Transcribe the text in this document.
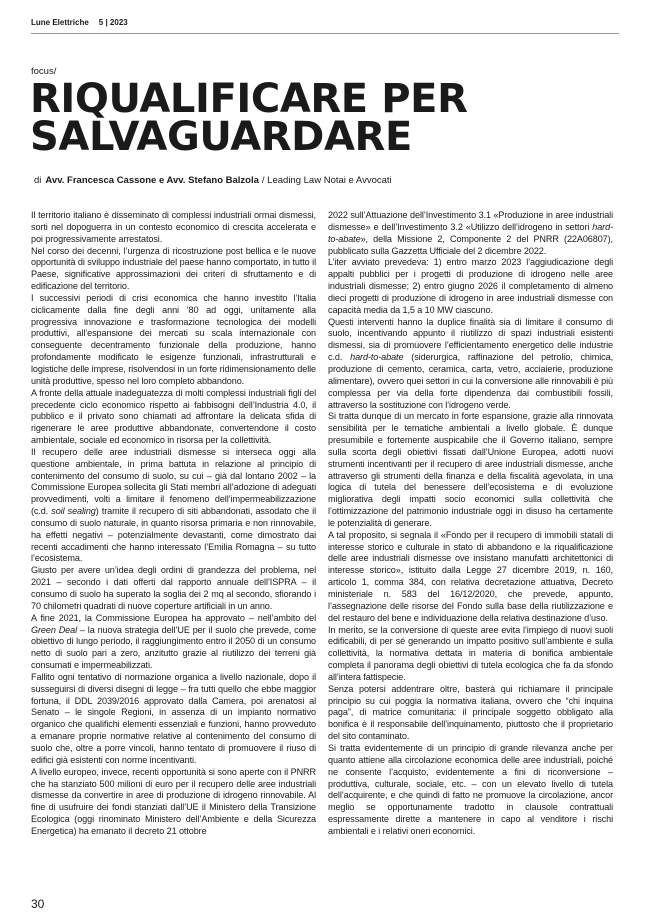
Lune Elettriche 5 | 2023
focus/
RIQUALIFICARE PER
SALVAGUARDARE
di Avv. Francesca Cassone e Avv. Stefano Balzola / Leading Law Notai e Avvocati

Il territorio italiano è disseminato di complessi industriali ormai dismessi, sorti nel dopoguerra in un contesto economico di crescita accelerata e poi progressivamente arrestatosi.

Nel corso dei decenni, l’urgenza di ricostruzione post bellica e le nuove opportunità di sviluppo industriale del paese hanno comportato, in tutto il Paese, significative approssimazioni dei criteri di sfruttamento e di edificazione del territorio.

I successivi periodi di crisi economica che hanno investito l’Italia ciclicamente dalla fine degli anni ’80 ad oggi, unitamente alla progressiva innovazione e trasformazione tecnologica dei modelli produttivi, all’espansione dei mercati su scala internazionale con conseguente decentramento funzionale della produzione, hanno profondamente modificato le esigenze funzionali, infrastrutturali e logistiche delle imprese, risolvendosi in un forte ridimensionamento delle unità produttive, spesso nel loro completo abbandono.

A fronte della attuale inadeguatezza di molti complessi industriali figli del precedente ciclo economico rispetto ai fabbisogni dell’Industria 4.0, il pubblico e il privato sono chiamati ad affrontare la delicata sfida di rigenerare le aree produttive abbandonate, convertendone il costo ambientale, sociale ed economico in risorsa per la collettività.

Il recupero delle aree industriali dismesse si interseca oggi alla questione ambientale, in prima battuta in relazione al principio di contenimento del consumo di suolo, su cui – già dal lontano 2002 – la Commissione Europea sollecita gli Stati membri all’adozione di adeguati provvedimenti, volti a limitare il fenomeno dell’impermeabilizzazione (c.d. soil sealing) tramite il recupero di siti abbandonati, assodato che il consumo di suolo naturale, in quanto risorsa primaria e non rinnovabile, ha effetti negativi – potenzialmente devastanti, come dimostrato dai recenti accadimenti che hanno interessato l’Emilia Romagna – su tutto l’ecosistema.

Giusto per avere un’idea degli ordini di grandezza del problema, nel 2021 – secondo i dati offerti dal rapporto annuale dell’ISPRA – il consumo di suolo ha superato la soglia dei 2 mq al secondo, sfiorando i 70 chilometri quadrati di nuove coperture artificiali in un anno.

A fine 2021, la Commissione Europea ha approvato – nell’ambito del Green Deal – la nuova strategia dell’UE per il suolo che prevede, come obiettivo di lungo periodo, il raggiungimento entro il 2050 di un consumo netto di suolo pari a zero, anzitutto grazie al riutilizzo dei terreni già consumati e impermeabilizzati.

Fallito ogni tentativo di normazione organica a livello nazionale, dopo il susseguirsi di diversi disegni di legge – fra tutti quello che ebbe maggior fortuna, il DDL 2039/2016 approvato dalla Camera, poi arenatosi al Senato – le singole Regioni, in assenza di un impianto normativo organico che qualifichi elementi essenziali e funzioni, hanno provveduto a emanare proprie normative relative al contenimento del consumo di suolo che, oltre a porre vincoli, hanno tentato di promuovere il riuso di edifici già esistenti con norme incentivanti.

A livello europeo, invece, recenti opportunità si sono aperte con il PNRR che ha stanziato 500 milioni di euro per il recupero delle aree industriali dismesse da convertire in aree di produzione di idrogeno rinnovabile. Al fine di usufruire dei fondi stanziati dall’UE il Ministero della Transizione Ecologica (oggi rinominato Ministero dell’Ambiente e della Sicurezza Energetica) ha emanato il decreto 21 ottobre

2022 sull’Attuazione dell’Investimento 3.1 «Produzione in aree industriali dismesse» e dell’Investimento 3.2 «Utilizzo dell’idrogeno in settori hard-to-abate», della Missione 2, Componente 2 del PNRR (22A06807), pubblicato sulla Gazzetta Ufficiale del 2 dicembre 2022.

L’iter avviato prevedeva: 1) entro marzo 2023 l’aggiudicazione degli appalti pubblici per i progetti di produzione di idrogeno nelle aree industriali dismesse; 2) entro giugno 2026 il completamento di almeno dieci progetti di produzione di idrogeno in aree industriali dismesse con capacità media da 1,5 a 10 MW ciascuno.

Questi interventi hanno la duplice finalità sia di limitare il consumo di suolo, incentivando appunto il riutilizzo di spazi industriali esistenti dismessi, sia di promuovere l’efficientamento energetico delle industrie c.d. hard-to-abate (siderurgica, raffinazione del petrolio, chimica, produzione di cemento, ceramica, carta, vetro, acciaierie, produzione alimentare), ovvero quei settori in cui la conversione alle rinnovabili è più complessa per via della forte dipendenza dai combustibili fossili, attraverso la sostituzione con l’idrogeno verde.

Si tratta dunque di un mercato in forte espansione, grazie alla rinnovata sensibilità per le tematiche ambientali a livello globale. È dunque presumibile e fortemente auspicabile che il Governo italiano, sempre sulla scorta degli obiettivi fissati dall’Unione Europea, adotti nuovi strumenti incentivanti per il recupero di aree industriali dismesse, anche attraverso gli strumenti della finanza e della fiscalità agevolata, in una logica di tutela del benessere dell’ecosistema e di evoluzione migliorativa degli impatti socio economici sulla collettività che l’ottimizzazione del patrimonio industriale oggi in disuso ha certamente le potenzialità di generare.

A tal proposito, si segnala il «Fondo per il recupero di immobili statali di interesse storico e culturale in stato di abbandono e la riqualificazione delle aree industriali dismesse ove insistano manufatti architettonici di interesse storico», istituito dalla Legge 27 dicembre 2019, n. 160, articolo 1, comma 384, con relativa decretazione attuativa, Decreto ministeriale n. 583 del 16/12/2020, che prevede, appunto, l’assegnazione delle risorse del Fondo sulla base della riutilizzazione e del restauro del bene e individuazione della relativa destinazione d’uso.

In merito, se la conversione di queste aree evita l’impiego di nuovi suoli edificabili, di per sé generando un impatto positivo sull’ambiente e sulla collettività, la normativa dettata in materia di bonifica ambientale completa il panorama degli obiettivi di tutela ecologica che fa da sfondo all’intera fattispecie.

Senza potersi addentrare oltre, basterà qui richiamare il principale principio su cui poggia la normativa italiana, ovvero che “chi inquina paga”, di matrice comunitaria: il principale soggetto obbligato alla bonifica è il responsabile dell’inquinamento, piuttosto che il proprietario del sito contaminato.

Si tratta evidentemente di un principio di grande rilevanza anche per quanto attiene alla circolazione economica delle aree industriali, poiché ne consente l’acquisto, evidentemente a fini di riconversione – produttiva, culturale, sociale, etc. – con un elevato livello di tutela dell’acquirente, e che quindi di fatto ne promuove la circolazione, ancor meglio se opportunamente tradotto in clausole contrattuali espressamente dirette a mantenere in capo al venditore i rischi ambientali e i relativi oneri economici.

30
